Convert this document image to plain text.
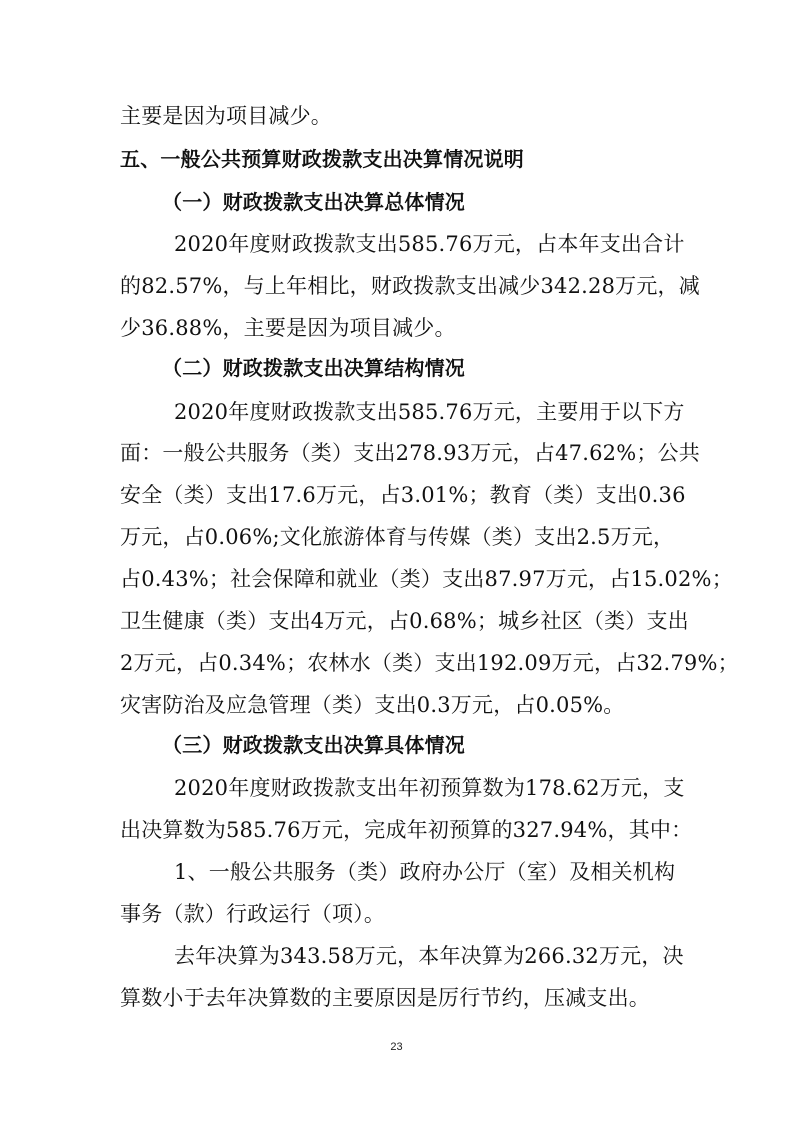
主要是因为项目减少。
五、一般公共预算财政拨款支出决算情况说明
（一）财政拨款支出决算总体情况
2020年度财政拨款支出585.76万元，占本年支出合计
的82.57%，与上年相比，财政拨款支出减少342.28万元，减
少36.88%，主要是因为项目减少。
（二）财政拨款支出决算结构情况
2020年度财政拨款支出585.76万元，主要用于以下方
面：一般公共服务（类）支出278.93万元，占47.62%；公共
安全（类）支出17.6万元，占3.01%；教育（类）支出0.36
万元，占0.06%;文化旅游体育与传媒（类）支出2.5万元，
占0.43%；社会保障和就业（类）支出87.97万元，占15.02%；
卫生健康（类）支出4万元，占0.68%；城乡社区（类）支出
2万元，占0.34%；农林水（类）支出192.09万元，占32.79%；
灾害防治及应急管理（类）支出0.3万元，占0.05%。
（三）财政拨款支出决算具体情况
2020年度财政拨款支出年初预算数为178.62万元，支
出决算数为585.76万元，完成年初预算的327.94%，其中：
1、一般公共服务（类）政府办公厅（室）及相关机构
事务（款）行政运行（项）。
去年决算为343.58万元，本年决算为266.32万元，决
算数小于去年决算数的主要原因是厉行节约，压减支出。
23
